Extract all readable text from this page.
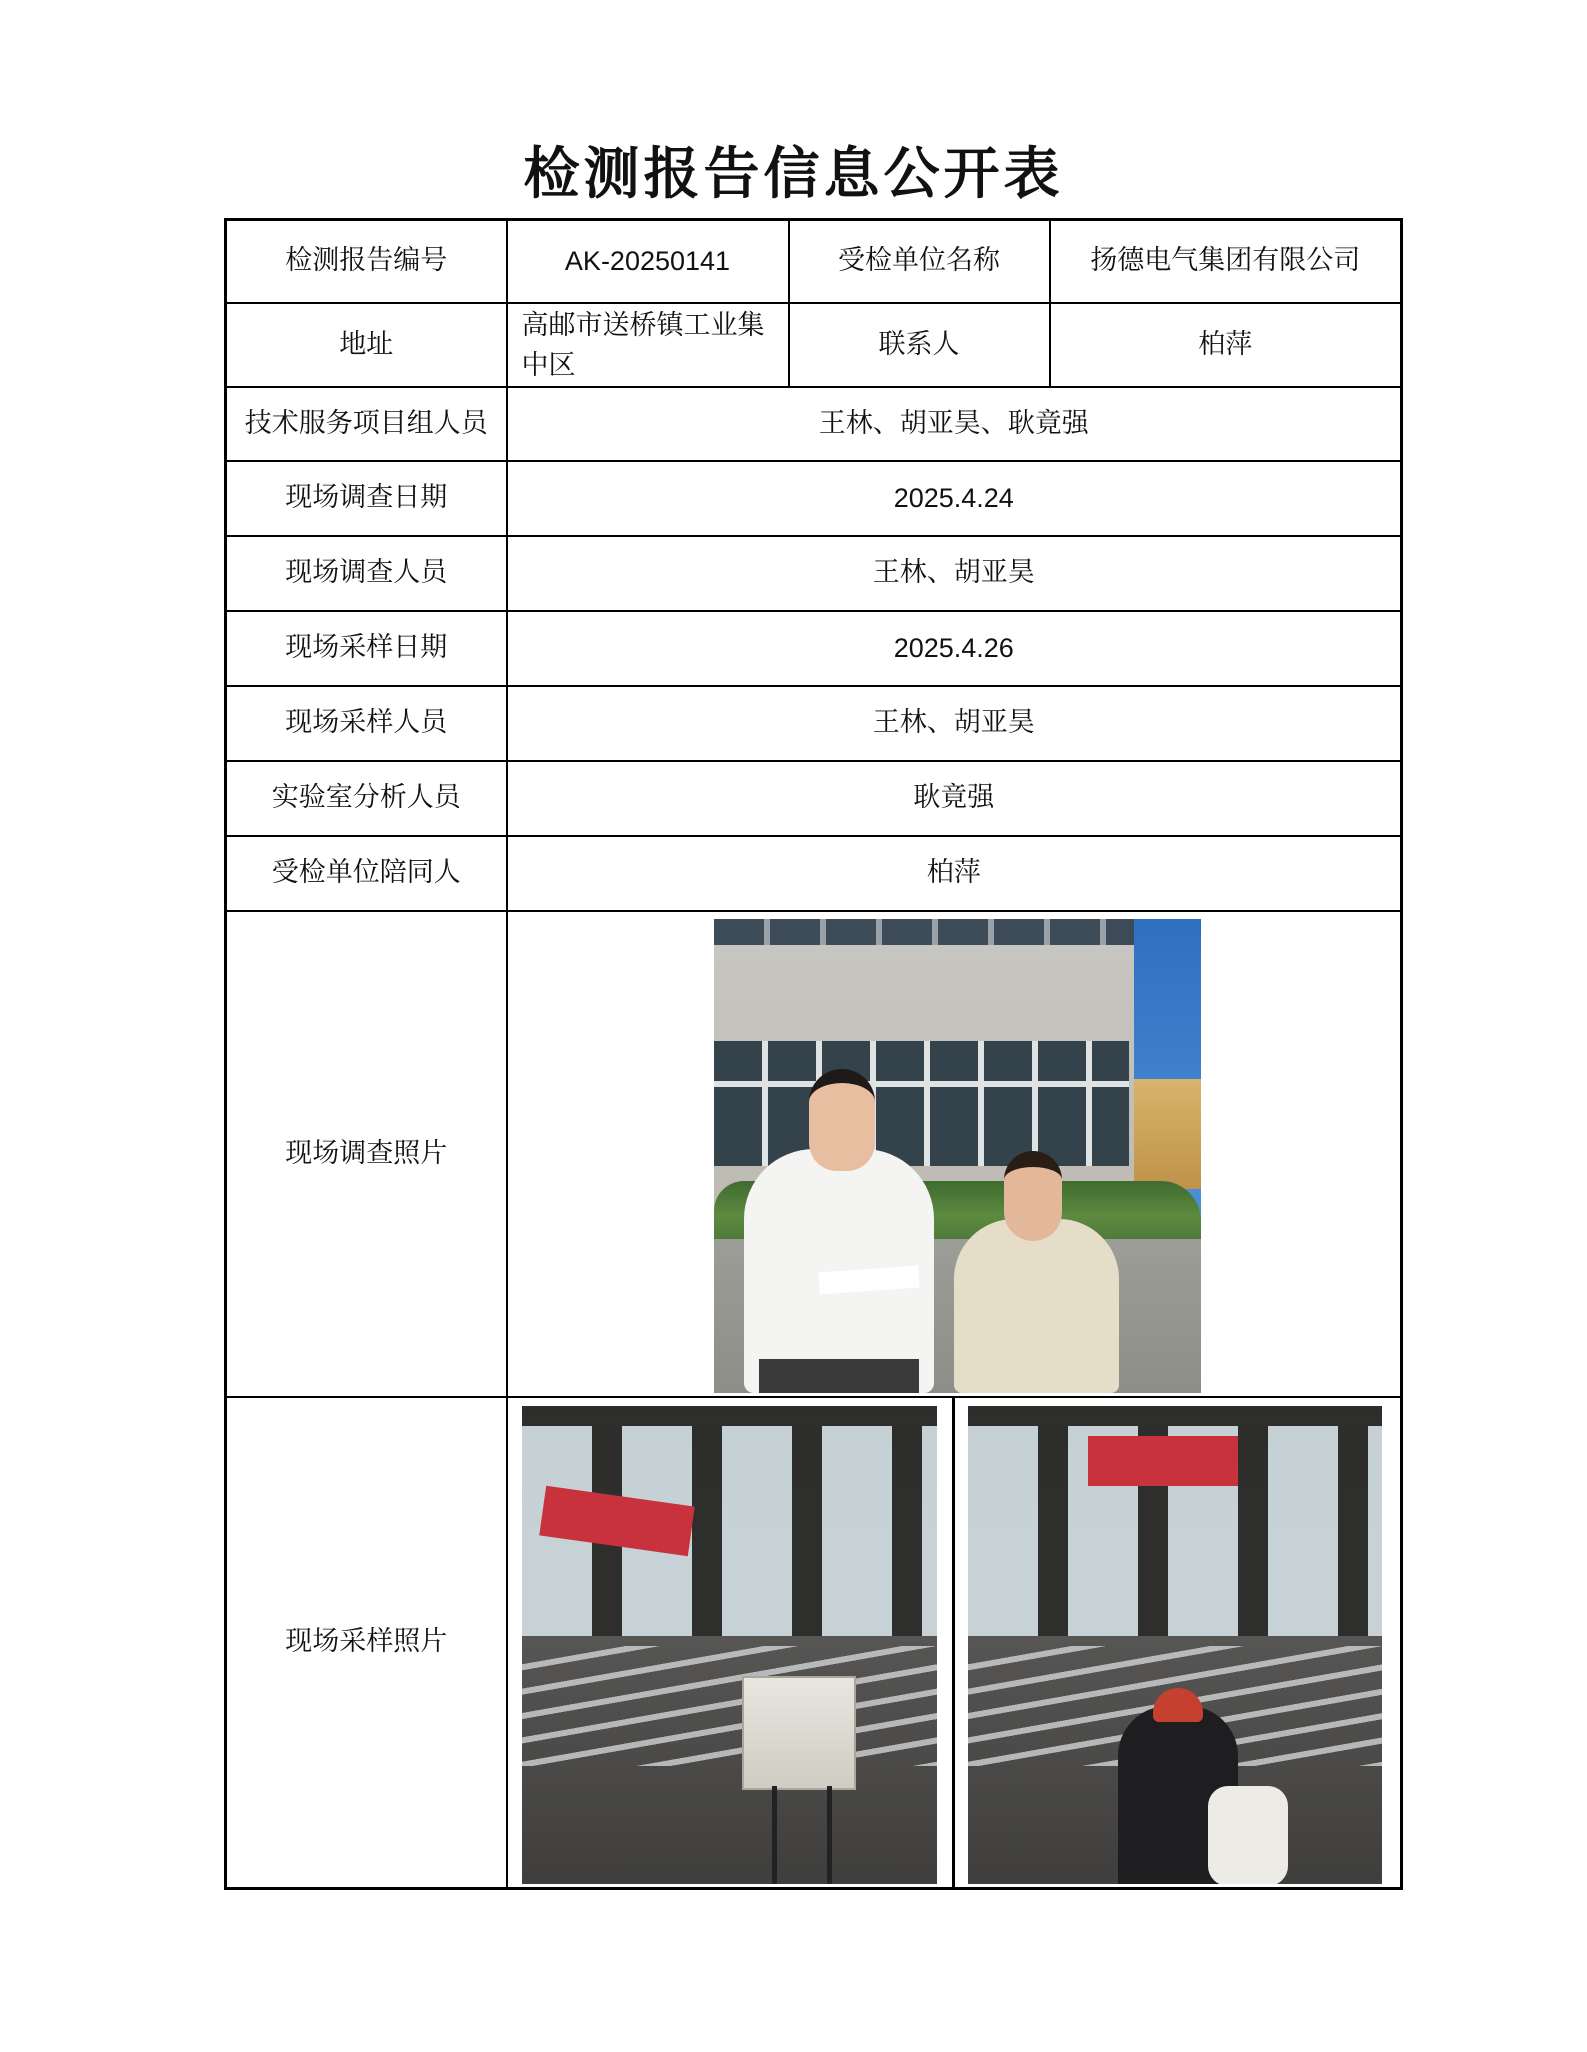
检测报告信息公开表
检测报告编号	AK-20250141	受检单位名称	扬德电气集团有限公司
地址	高邮市送桥镇工业集中区	联系人	柏萍
技术服务项目组人员	王林、胡亚昊、耿竟强		
现场调查日期	2025.4.24		
现场调查人员	王林、胡亚昊		
现场采样日期	2025.4.26		
现场采样人员	王林、胡亚昊		
实验室分析人员	耿竟强		
受检单位陪同人	柏萍		
现场调查照片			

现场采样照片			
